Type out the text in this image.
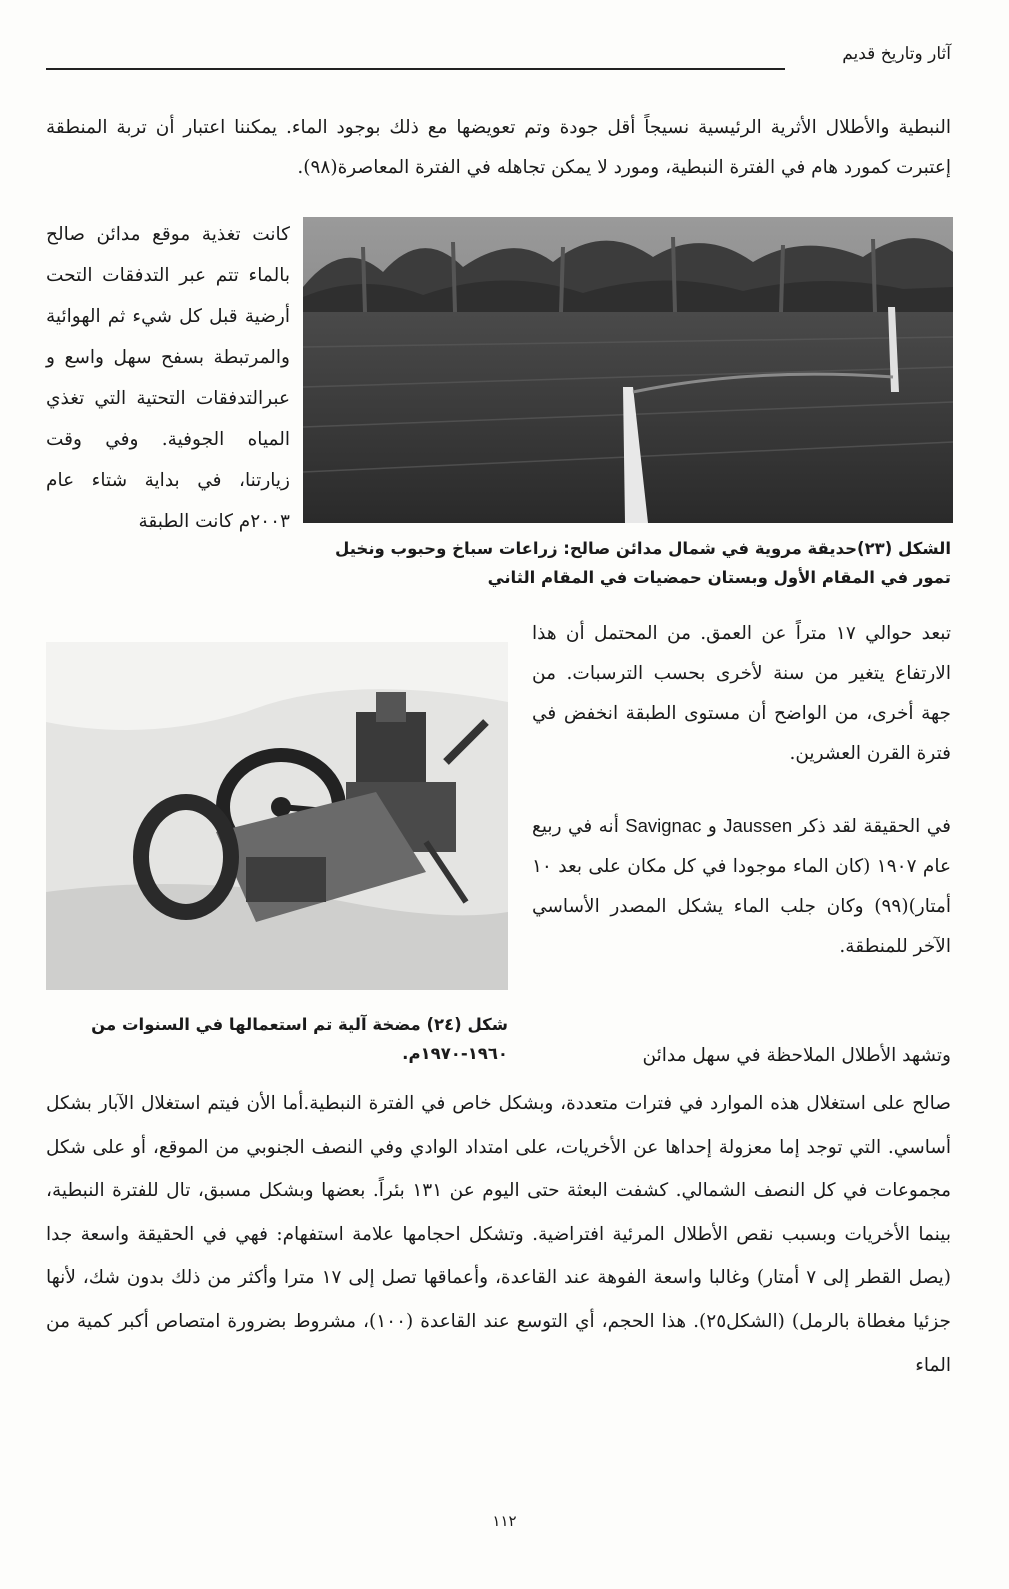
آثار وتاريخ قديم

النبطية والأطلال الأثرية الرئيسية نسيجاً أقل جودة وتم تعويضها مع ذلك بوجود الماء. يمكننا اعتبار أن تربة المنطقة إعتبرت كمورد هام في الفترة النبطية، ومورد لا يمكن تجاهله في الفترة المعاصرة(٩٨).

الشكل (٢٣)حديقة مروية في شمال مدائن صالح: زراعات سباخ وحبوب ونخيل تمور في المقام الأول وبستان حمضيات في المقام الثاني

كانت تغذية موقع مدائن صالح بالماء تتم عبر التدفقات التحت أرضية قبل كل شيء ثم الهوائية والمرتبطة بسفح سهل واسع و عبرالتدفقات التحتية التي تغذي المياه الجوفية. وفي وقت زيارتنا، في بداية شتاء عام ٢٠٠٣م كانت الطبقة

شكل (٢٤) مضخة آلية تم استعمالها في السنوات من ١٩٦٠-١٩٧٠م.

تبعد حوالي ١٧ متراً عن العمق. من المحتمل أن هذا الارتفاع يتغير من سنة لأخرى بحسب الترسبات. من جهة أخرى، من الواضح أن مستوى الطبقة انخفض في فترة القرن العشرين.

في الحقيقة لقد ذكر Jaussen و Savignac أنه في ربيع عام ١٩٠٧ (كان الماء موجودا في كل مكان على بعد ١٠ أمتار)(٩٩) وكان جلب الماء يشكل المصدر الأساسي الآخر للمنطقة.

وتشهد الأطلال الملاحظة في سهل مدائن

صالح على استغلال هذه الموارد في فترات متعددة، وبشكل خاص في الفترة النبطية.أما الأن فيتم استغلال الآبار بشكل أساسي. التي توجد إما معزولة إحداها عن الأخريات، على امتداد الوادي وفي النصف الجنوبي من الموقع، أو على شكل مجموعات في كل النصف الشمالي. كشفت البعثة حتى اليوم عن ١٣١ بئراً. بعضها وبشكل مسبق، تال للفترة النبطية، بينما الأخريات وبسبب نقص الأطلال المرئية افتراضية. وتشكل احجامها علامة استفهام: فهي في الحقيقة واسعة جدا (يصل القطر إلى ٧ أمتار) وغالبا واسعة الفوهة عند القاعدة، وأعماقها تصل إلى ١٧ مترا وأكثر من ذلك بدون شك، لأنها جزئيا مغطاة بالرمل) (الشكل٢٥). هذا الحجم، أي التوسع عند القاعدة (١٠٠)، مشروط بضرورة امتصاص أكبر كمية من الماء

١١٢
